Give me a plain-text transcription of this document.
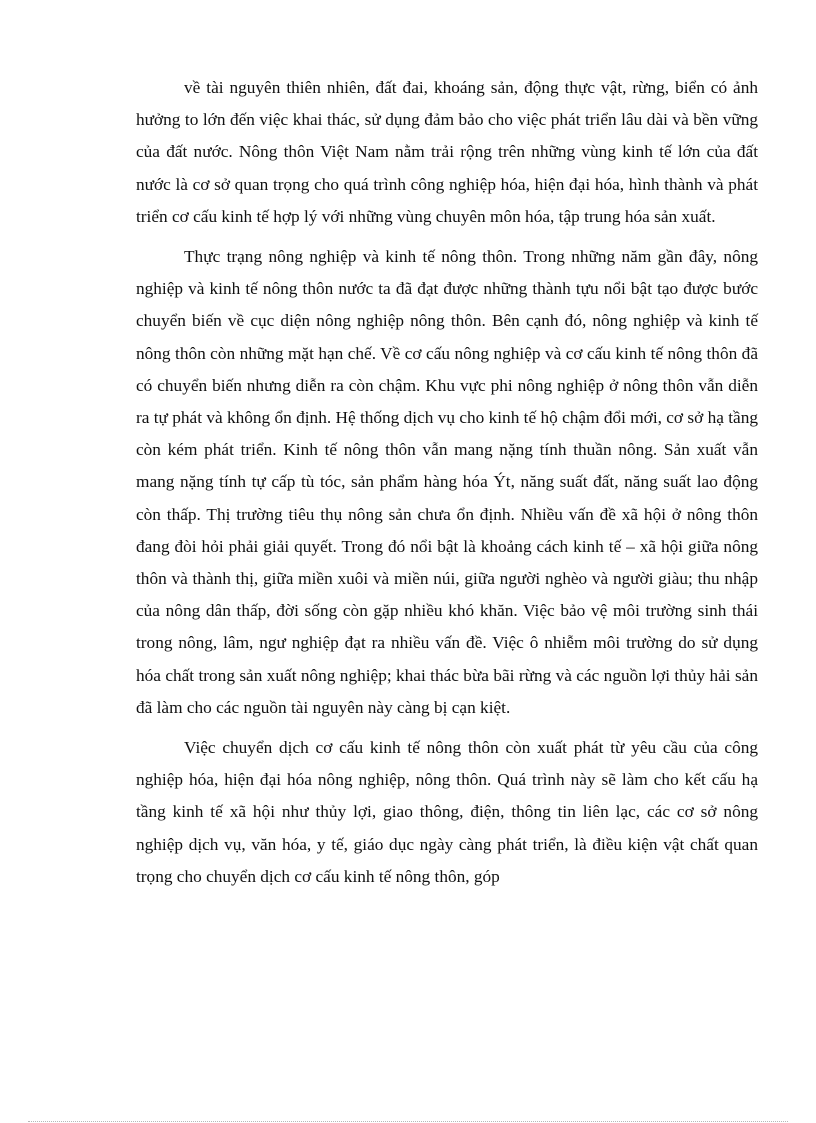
về tài nguyên thiên nhiên, đất đai, khoáng sản, động thực vật, rừng, biển có ảnh hưởng to lớn đến việc khai thác, sử dụng đảm bảo cho việc phát triển lâu dài và bền vững của đất nước. Nông thôn Việt Nam nằm trải rộng trên những vùng kinh tế lớn của đất nước là cơ sở quan trọng cho quá trình công nghiệp hóa, hiện đại hóa, hình thành và phát triển cơ cấu kinh tế hợp lý với những vùng chuyên môn hóa, tập trung hóa sản xuất.

Thực trạng nông nghiệp và kinh tế nông thôn. Trong những năm gần đây, nông nghiệp và kinh tế nông thôn nước ta đã đạt được những thành tựu nổi bật tạo được bước chuyển biến về cục diện nông nghiệp nông thôn. Bên cạnh đó, nông nghiệp và kinh tế nông thôn còn những mặt hạn chế. Về cơ cấu nông nghiệp và cơ cấu kinh tế nông thôn đã có chuyển biến nhưng diễn ra còn chậm. Khu vực phi nông nghiệp ở nông thôn vẫn diễn ra tự phát và không ổn định. Hệ thống dịch vụ cho kinh tế hộ chậm đổi mới, cơ sở hạ tầng còn kém phát triển. Kinh tế nông thôn vẫn mang nặng tính thuần nông. Sản xuất vẫn mang nặng tính tự cấp tù tóc, sản phẩm hàng hóa Ýt, năng suất đất, năng suất lao động còn thấp. Thị trường tiêu thụ nông sản chưa ổn định. Nhiều vấn đề xã hội ở nông thôn đang đòi hỏi phải giải quyết. Trong đó nổi bật là khoảng cách kinh tế – xã hội giữa nông thôn và thành thị, giữa miền xuôi và miền núi, giữa người nghèo và người giàu; thu nhập của nông dân thấp, đời sống còn gặp nhiều khó khăn. Việc bảo vệ môi trường sinh thái trong nông, lâm, ngư nghiệp đạt ra nhiều vấn đề. Việc ô nhiễm môi trường do sử dụng hóa chất trong sản xuất nông nghiệp; khai thác bừa bãi rừng và các nguồn lợi thủy hải sản đã làm cho các nguồn tài nguyên này càng bị cạn kiệt.

Việc chuyển dịch cơ cấu kinh tế nông thôn còn xuất phát từ yêu cầu của công nghiệp hóa, hiện đại hóa nông nghiệp, nông thôn. Quá trình này sẽ làm cho kết cấu hạ tầng kinh tế xã hội như thủy lợi, giao thông, điện, thông tin liên lạc, các cơ sở nông nghiệp dịch vụ, văn hóa, y tế, giáo dục ngày càng phát triển, là điều kiện vật chất quan trọng cho chuyển dịch cơ cấu kinh tế nông thôn, góp
